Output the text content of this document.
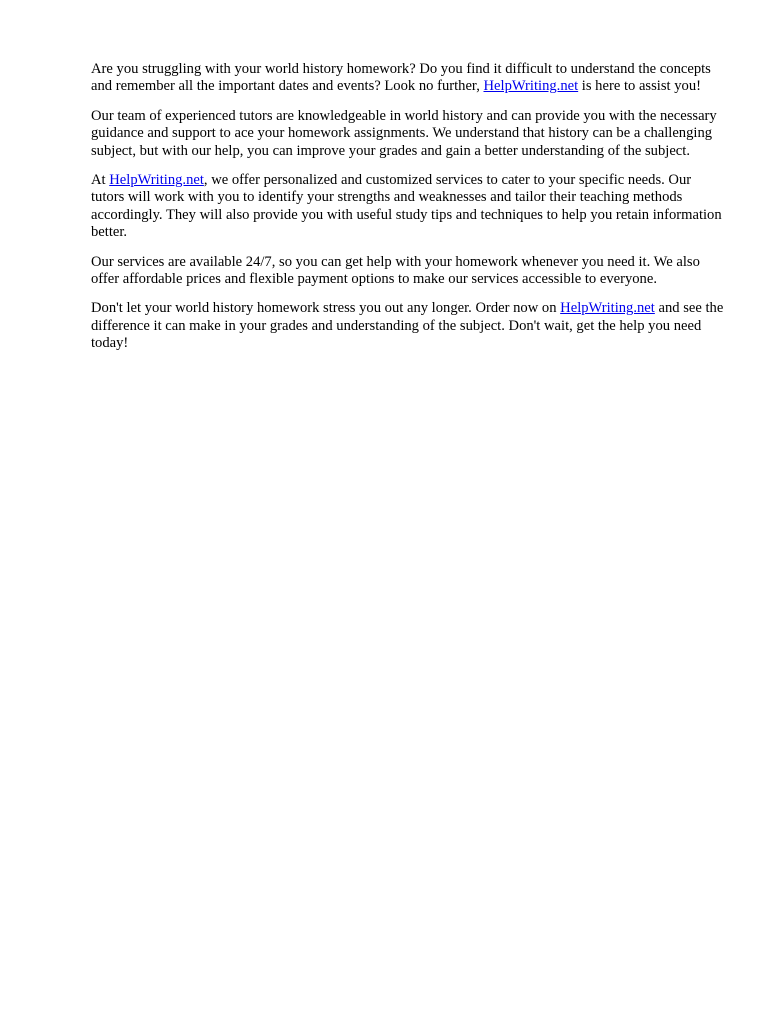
Are you struggling with your world history homework? Do you find it difficult to understand the concepts and remember all the important dates and events? Look no further, HelpWriting.net is here to assist you!

Our team of experienced tutors are knowledgeable in world history and can provide you with the necessary guidance and support to ace your homework assignments. We understand that history can be a challenging subject, but with our help, you can improve your grades and gain a better understanding of the subject.

At HelpWriting.net, we offer personalized and customized services to cater to your specific needs. Our tutors will work with you to identify your strengths and weaknesses and tailor their teaching methods accordingly. They will also provide you with useful study tips and techniques to help you retain information better.

Our services are available 24/7, so you can get help with your homework whenever you need it. We also offer affordable prices and flexible payment options to make our services accessible to everyone.

Don't let your world history homework stress you out any longer. Order now on HelpWriting.net and see the difference it can make in your grades and understanding of the subject. Don't wait, get the help you need today!
